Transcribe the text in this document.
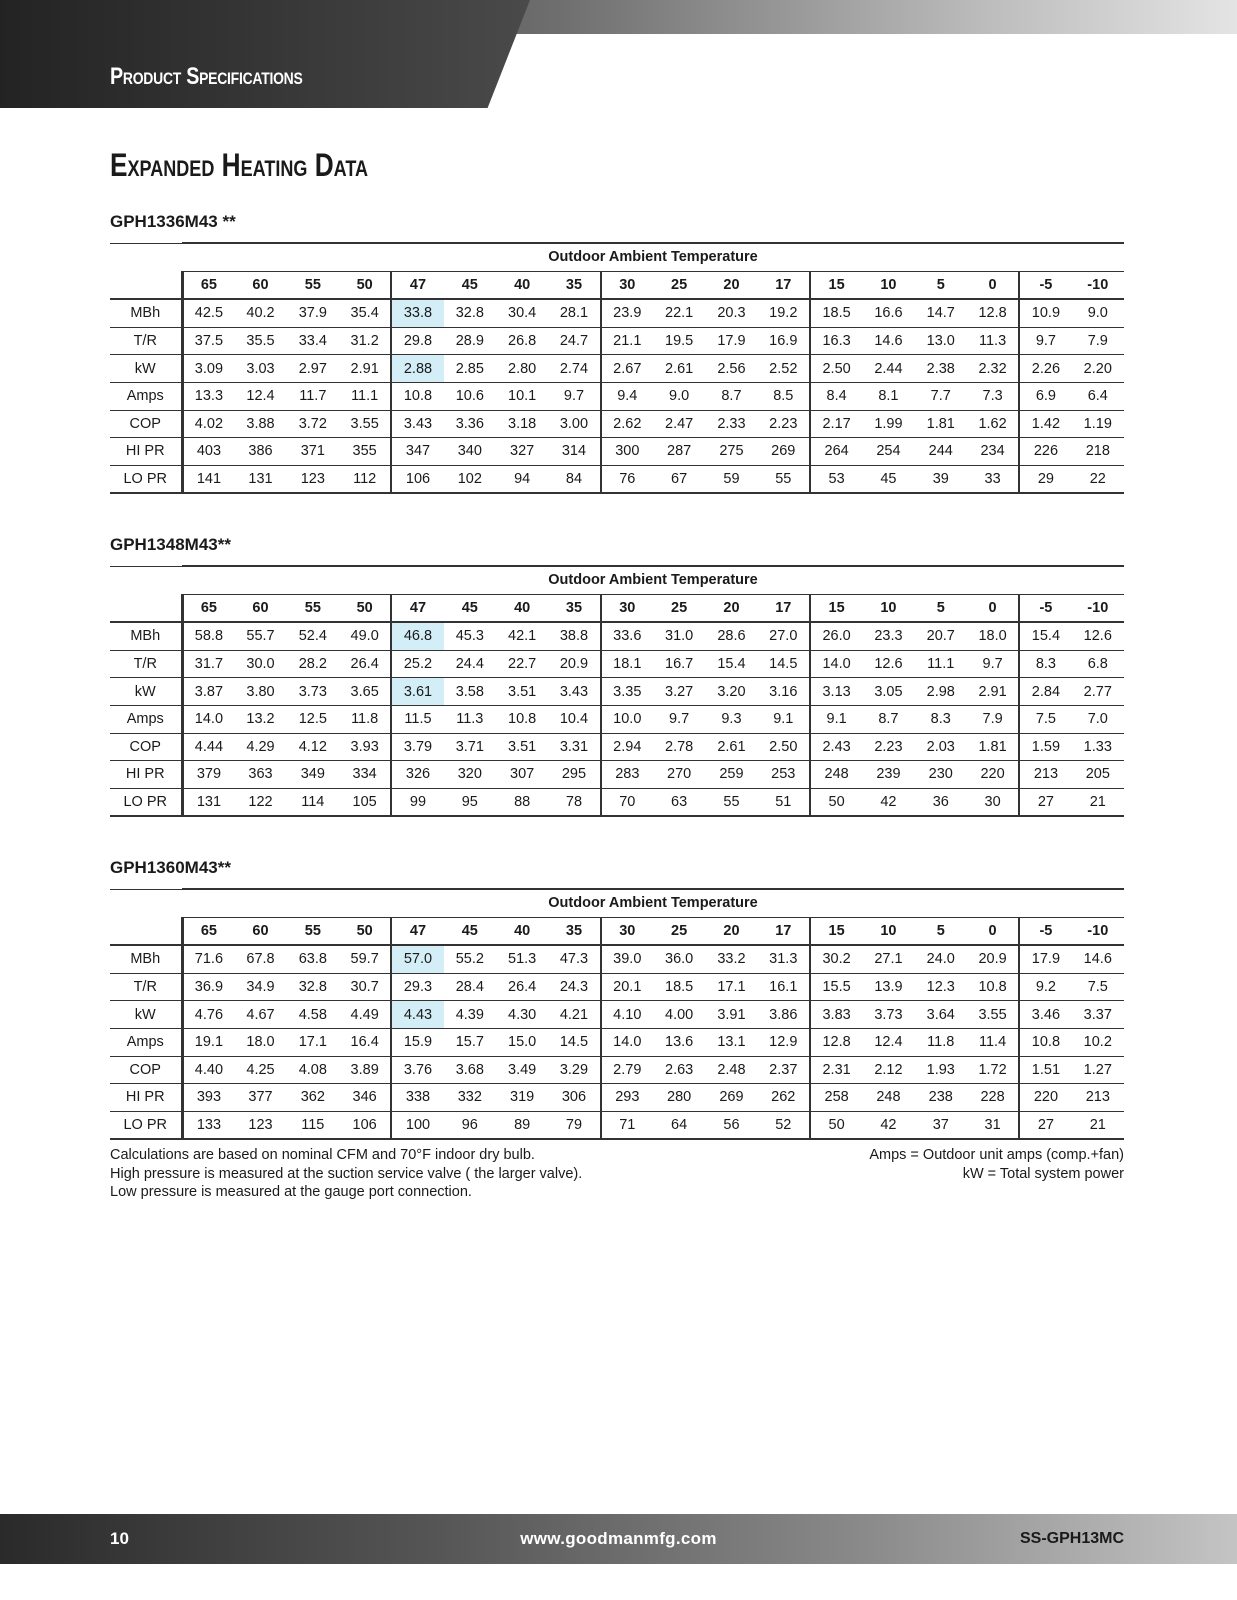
Product Specifications
Expanded Heating Data
GPH1336M43 **
	Outdoor Ambient Temperature																	
	65	60	55	50	47	45	40	35	30	25	20	17	15	10	5	0	-5	-10
MBh	42.5	40.2	37.9	35.4	33.8	32.8	30.4	28.1	23.9	22.1	20.3	19.2	18.5	16.6	14.7	12.8	10.9	9.0
T/R	37.5	35.5	33.4	31.2	29.8	28.9	26.8	24.7	21.1	19.5	17.9	16.9	16.3	14.6	13.0	11.3	9.7	7.9
kW	3.09	3.03	2.97	2.91	2.88	2.85	2.80	2.74	2.67	2.61	2.56	2.52	2.50	2.44	2.38	2.32	2.26	2.20
Amps	13.3	12.4	11.7	11.1	10.8	10.6	10.1	9.7	9.4	9.0	8.7	8.5	8.4	8.1	7.7	7.3	6.9	6.4
COP	4.02	3.88	3.72	3.55	3.43	3.36	3.18	3.00	2.62	2.47	2.33	2.23	2.17	1.99	1.81	1.62	1.42	1.19
HI PR	403	386	371	355	347	340	327	314	300	287	275	269	264	254	244	234	226	218
LO PR	141	131	123	112	106	102	94	84	76	67	59	55	53	45	39	33	29	22
GPH1348M43**
	Outdoor Ambient Temperature																	
	65	60	55	50	47	45	40	35	30	25	20	17	15	10	5	0	-5	-10
MBh	58.8	55.7	52.4	49.0	46.8	45.3	42.1	38.8	33.6	31.0	28.6	27.0	26.0	23.3	20.7	18.0	15.4	12.6
T/R	31.7	30.0	28.2	26.4	25.2	24.4	22.7	20.9	18.1	16.7	15.4	14.5	14.0	12.6	11.1	9.7	8.3	6.8
kW	3.87	3.80	3.73	3.65	3.61	3.58	3.51	3.43	3.35	3.27	3.20	3.16	3.13	3.05	2.98	2.91	2.84	2.77
Amps	14.0	13.2	12.5	11.8	11.5	11.3	10.8	10.4	10.0	9.7	9.3	9.1	9.1	8.7	8.3	7.9	7.5	7.0
COP	4.44	4.29	4.12	3.93	3.79	3.71	3.51	3.31	2.94	2.78	2.61	2.50	2.43	2.23	2.03	1.81	1.59	1.33
HI PR	379	363	349	334	326	320	307	295	283	270	259	253	248	239	230	220	213	205
LO PR	131	122	114	105	99	95	88	78	70	63	55	51	50	42	36	30	27	21
GPH1360M43**
	Outdoor Ambient Temperature																	
	65	60	55	50	47	45	40	35	30	25	20	17	15	10	5	0	-5	-10
MBh	71.6	67.8	63.8	59.7	57.0	55.2	51.3	47.3	39.0	36.0	33.2	31.3	30.2	27.1	24.0	20.9	17.9	14.6
T/R	36.9	34.9	32.8	30.7	29.3	28.4	26.4	24.3	20.1	18.5	17.1	16.1	15.5	13.9	12.3	10.8	9.2	7.5
kW	4.76	4.67	4.58	4.49	4.43	4.39	4.30	4.21	4.10	4.00	3.91	3.86	3.83	3.73	3.64	3.55	3.46	3.37
Amps	19.1	18.0	17.1	16.4	15.9	15.7	15.0	14.5	14.0	13.6	13.1	12.9	12.8	12.4	11.8	11.4	10.8	10.2
COP	4.40	4.25	4.08	3.89	3.76	3.68	3.49	3.29	2.79	2.63	2.48	2.37	2.31	2.12	1.93	1.72	1.51	1.27
HI PR	393	377	362	346	338	332	319	306	293	280	269	262	258	248	238	228	220	213
LO PR	133	123	115	106	100	96	89	79	71	64	56	52	50	42	37	31	27	21
Calculations are based on nominal CFM and 70°F indoor dry bulb.
High pressure is measured at the suction service valve ( the larger valve).
Low pressure is measured at the gauge port connection.
Amps = Outdoor unit amps (comp.+fan)
kW = Total system power
10	www.goodmanmfg.com	SS-GPH13MC
